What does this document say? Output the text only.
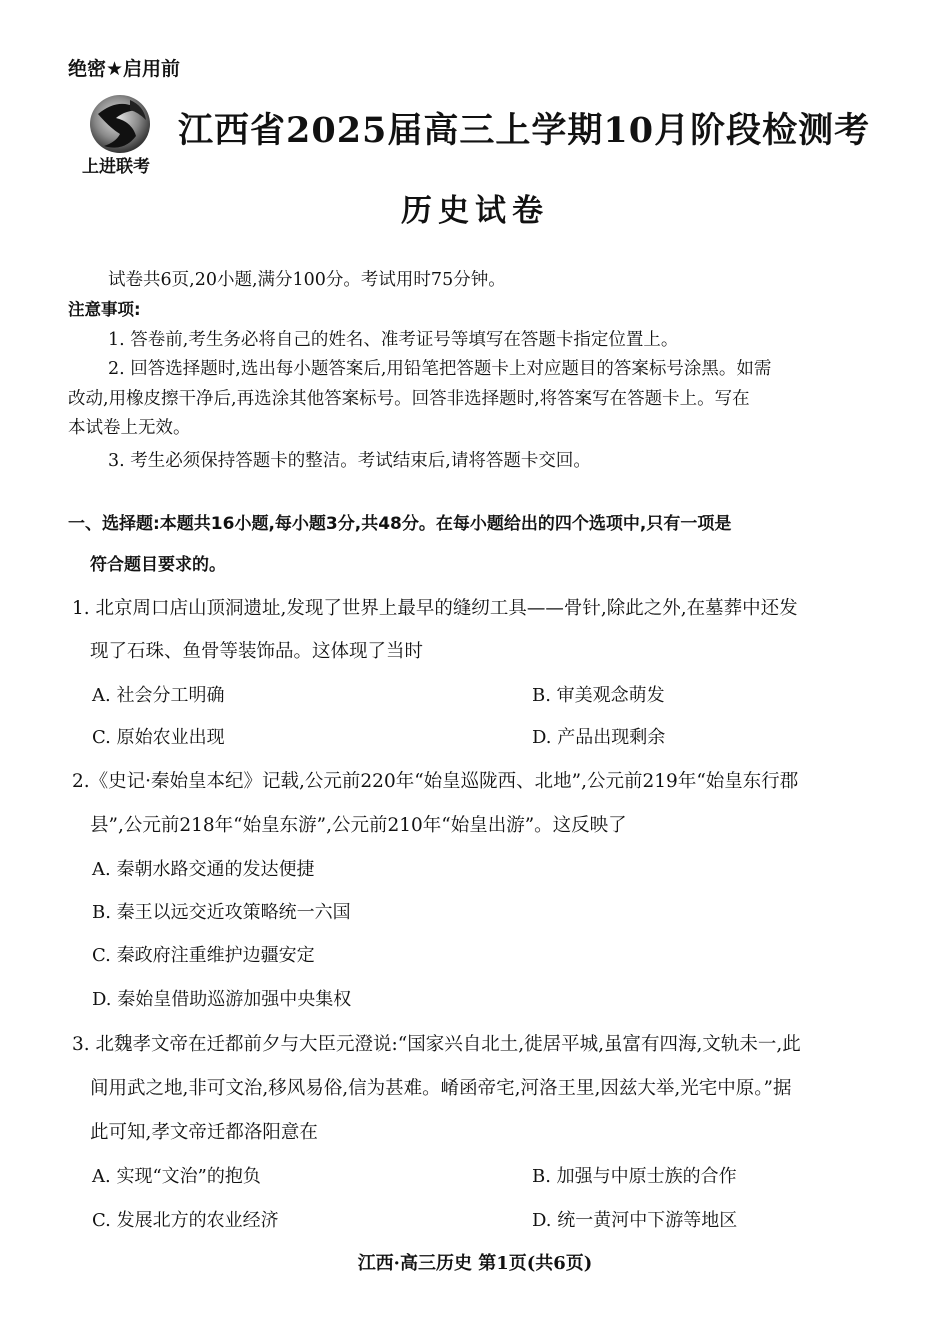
绝密★启用前
上进联考
江西省2025届高三上学期10月阶段检测考
历史试卷
试卷共6页,20小题,满分100分。考试用时75分钟。
注意事项:
1. 答卷前,考生务必将自己的姓名、准考证号等填写在答题卡指定位置上。
2. 回答选择题时,选出每小题答案后,用铅笔把答题卡上对应题目的答案标号涂黑。如需
改动,用橡皮擦干净后,再选涂其他答案标号。回答非选择题时,将答案写在答题卡上。写在
本试卷上无效。
3. 考生必须保持答题卡的整洁。考试结束后,请将答题卡交回。
一、选择题:本题共16小题,每小题3分,共48分。在每小题给出的四个选项中,只有一项是
符合题目要求的。
1. 北京周口店山顶洞遗址,发现了世界上最早的缝纫工具——骨针,除此之外,在墓葬中还发
现了石珠、鱼骨等装饰品。这体现了当时
A. 社会分工明确	B. 审美观念萌发
C. 原始农业出现	D. 产品出现剩余
2.《史记·秦始皇本纪》记载,公元前220年“始皇巡陇西、北地”,公元前219年“始皇东行郡
县”,公元前218年“始皇东游”,公元前210年“始皇出游”。这反映了
A. 秦朝水路交通的发达便捷
B. 秦王以远交近攻策略统一六国
C. 秦政府注重维护边疆安定
D. 秦始皇借助巡游加强中央集权
3. 北魏孝文帝在迁都前夕与大臣元澄说:“国家兴自北土,徙居平城,虽富有四海,文轨未一,此
间用武之地,非可文治,移风易俗,信为甚难。崤函帝宅,河洛王里,因兹大举,光宅中原。”据
此可知,孝文帝迁都洛阳意在
A. 实现“文治”的抱负	B. 加强与中原士族的合作
C. 发展北方的农业经济	D. 统一黄河中下游等地区
江西·高三历史 第1页(共6页)
